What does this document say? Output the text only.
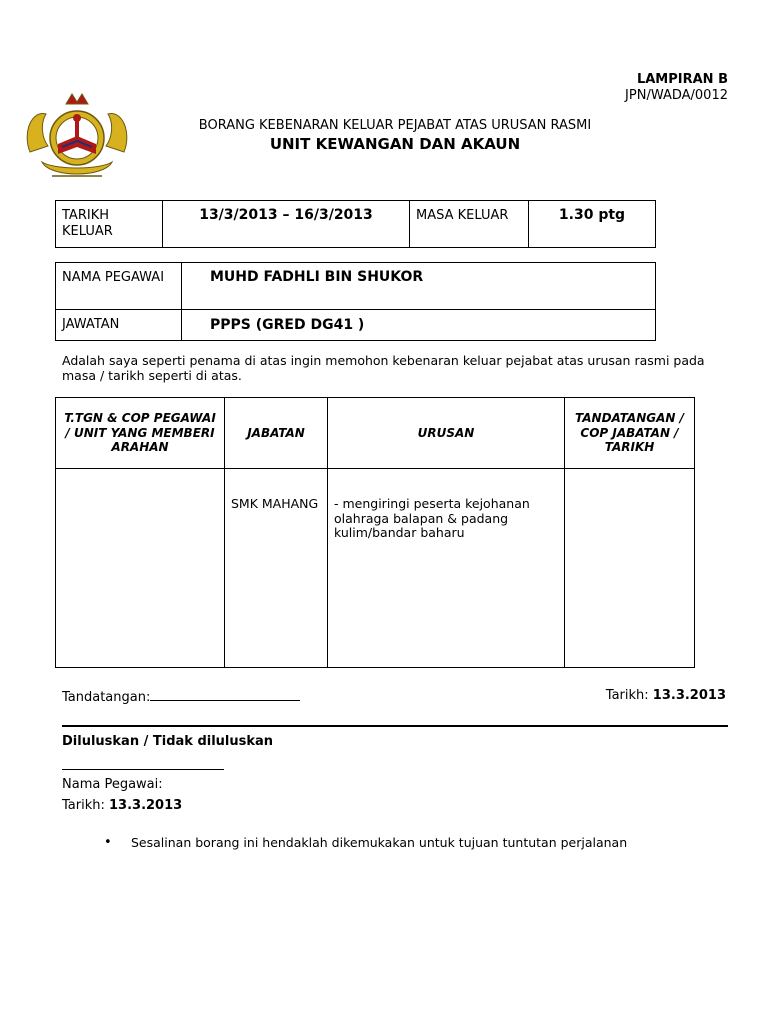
LAMPIRAN B
JPN/WADA/0012
BORANG KEBENARAN KELUAR PEJABAT ATAS URUSAN RASMI
UNIT KEWANGAN DAN AKAUN
TARIKH KELUAR	13/3/2013 – 16/3/2013	MASA KELUAR	1.30 ptg
NAMA PEGAWAI	MUHD FADHLI BIN SHUKOR
JAWATAN	PPPS (GRED DG41 )
Adalah saya seperti penama di atas ingin memohon kebenaran keluar pejabat atas urusan rasmi pada masa / tarikh seperti di atas.
T.TGN & COP PEGAWAI / UNIT YANG MEMBERI ARAHAN	JABATAN	URUSAN	TANDATANGAN / COP JABATAN / TARIKH
	SMK MAHANG	- mengiringi peserta kejohanan olahraga balapan & padang kulim/bandar baharu	
Tandatangan:	Tarikh: 13.3.2013
Diluluskan / Tidak diluluskan
Nama Pegawai:
Tarikh: 13.3.2013
• Sesalinan borang ini hendaklah dikemukakan untuk tujuan tuntutan perjalanan
